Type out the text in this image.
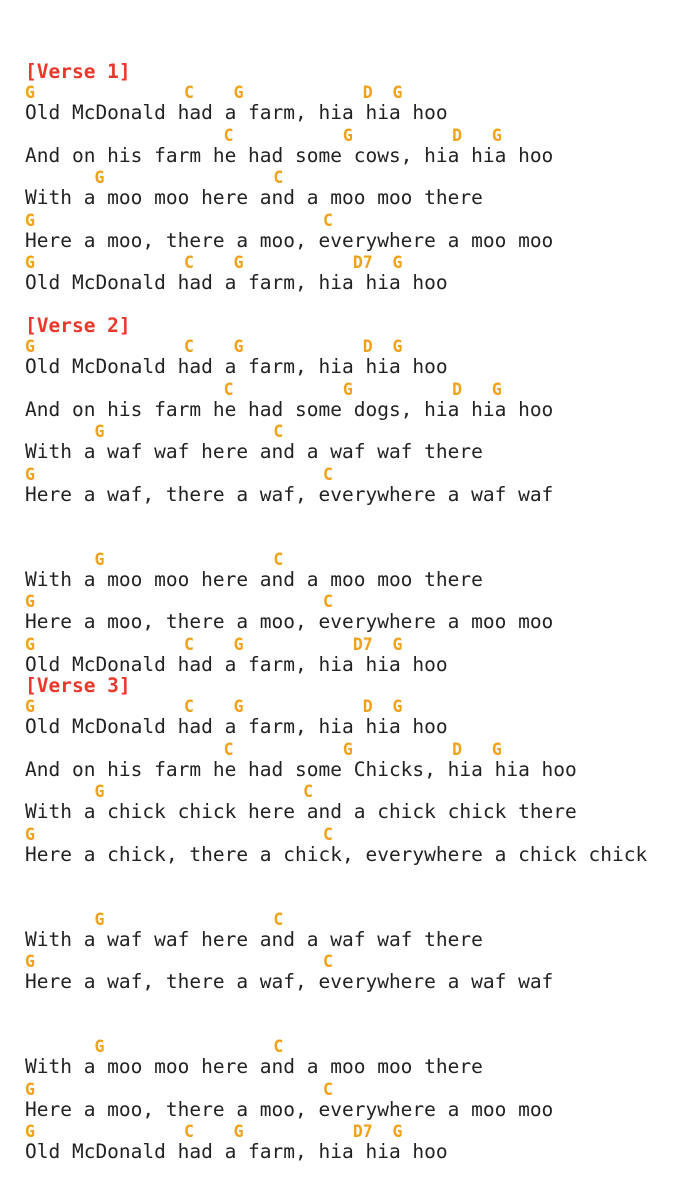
[Verse 1]
G               C    G            D  G
Old McDonald had a farm, hia hia hoo
C           G          D   G
And on his farm he had some cows, hia hia hoo
G                 C
With a moo moo here and a moo moo there
G                             C
Here a moo, there a moo, everywhere a moo moo
G               C    G           D7  G
Old McDonald had a farm, hia hia hoo
[Verse 2]
G               C    G            D  G
Old McDonald had a farm, hia hia hoo
C           G          D   G
And on his farm he had some dogs, hia hia hoo
G                 C
With a waf waf here and a waf waf there
G                             C
Here a waf, there a waf, everywhere a waf waf
G                 C
With a moo moo here and a moo moo there
G                             C
Here a moo, there a moo, everywhere a moo moo
G               C    G           D7  G
Old McDonald had a farm, hia hia hoo
[Verse 3]
G               C    G            D  G
Old McDonald had a farm, hia hia hoo
C           G          D   G
And on his farm he had some Chicks, hia hia hoo
G                    C
With a chick chick here and a chick chick there
G                             C
Here a chick, there a chick, everywhere a chick chick
G                 C
With a waf waf here and a waf waf there
G                             C
Here a waf, there a waf, everywhere a waf waf
G                 C
With a moo moo here and a moo moo there
G                             C
Here a moo, there a moo, everywhere a moo moo
G               C    G           D7  G
Old McDonald had a farm, hia hia hoo
